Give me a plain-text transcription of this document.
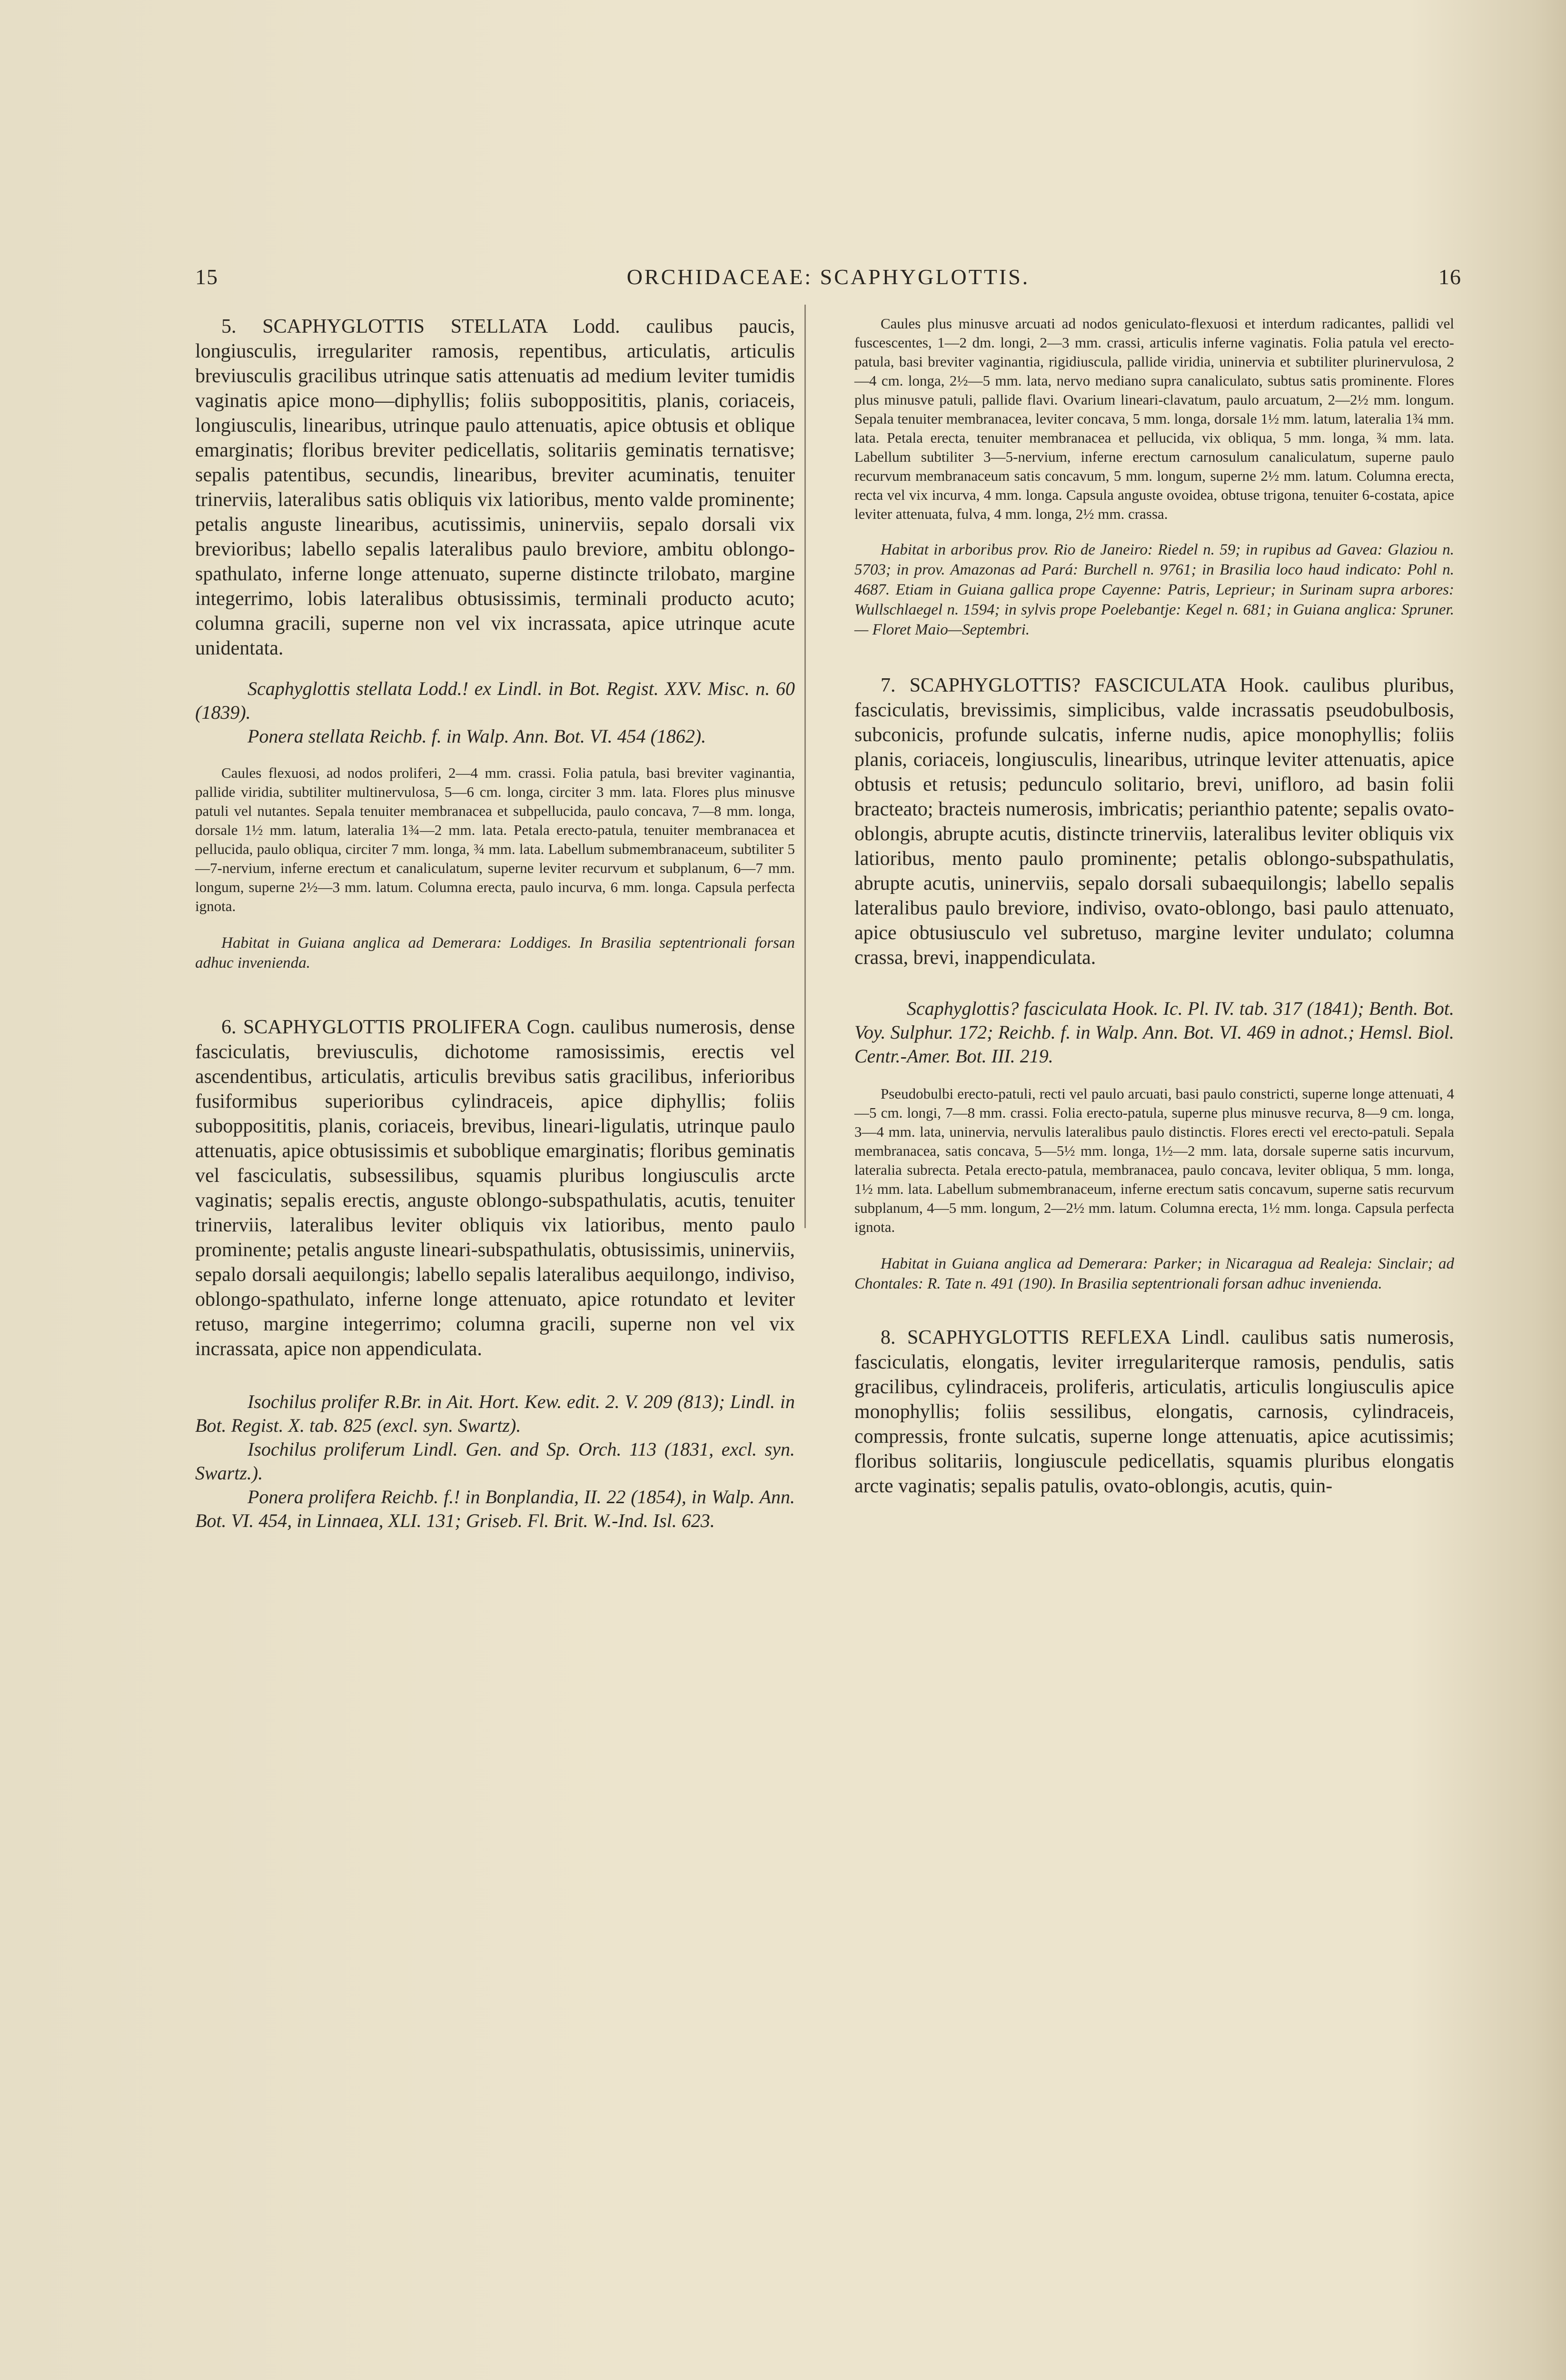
15	ORCHIDACEAE: SCAPHYGLOTTIS.	16

5. SCAPHYGLOTTIS STELLATA Lodd. caulibus paucis, longiusculis, irregulariter ramosis, repentibus, articulatis, articulis breviusculis gracilibus utrinque satis attenuatis ad medium leviter tumidis vaginatis apice mono—diphyllis; foliis subopposititis, planis, coriaceis, longiusculis, linearibus, utrinque paulo attenuatis, apice obtusis et oblique emarginatis; floribus breviter pedicellatis, solitariis geminatis ternatisve; sepalis patentibus, secundis, linearibus, breviter acuminatis, tenuiter trinerviis, lateralibus satis obliquis vix latioribus, mento valde prominente; petalis anguste linearibus, acutissimis, uninerviis, sepalo dorsali vix brevioribus; labello sepalis lateralibus paulo breviore, ambitu oblongo-spathulato, inferne longe attenuato, superne distincte trilobato, margine integerrimo, lobis lateralibus obtusissimis, terminali producto acuto; columna gracili, superne non vel vix incrassata, apice utrinque acute unidentata.

Scaphyglottis stellata Lodd.! ex Lindl. in Bot. Regist. XXV. Misc. n. 60 (1839).

Ponera stellata Reichb. f. in Walp. Ann. Bot. VI. 454 (1862).

Caules flexuosi, ad nodos proliferi, 2—4 mm. crassi. Folia patula, basi breviter vaginantia, pallide viridia, subtiliter multinervulosa, 5—6 cm. longa, circiter 3 mm. lata. Flores plus minusve patuli vel nutantes. Sepala tenuiter membranacea et subpellucida, paulo concava, 7—8 mm. longa, dorsale 1½ mm. latum, lateralia 1¾—2 mm. lata. Petala erecto-patula, tenuiter membranacea et pellucida, paulo obliqua, circiter 7 mm. longa, ¾ mm. lata. Labellum submembranaceum, subtiliter 5—7-nervium, inferne erectum et canaliculatum, superne leviter recurvum et subplanum, 6—7 mm. longum, superne 2½—3 mm. latum. Columna erecta, paulo incurva, 6 mm. longa. Capsula perfecta ignota.

Habitat in Guiana anglica ad Demerara: Loddiges. In Brasilia septentrionali forsan adhuc invenienda.

6. SCAPHYGLOTTIS PROLIFERA Cogn. caulibus numerosis, dense fasciculatis, breviusculis, dichotome ramosissimis, erectis vel ascendentibus, articulatis, articulis brevibus satis gracilibus, inferioribus fusiformibus superioribus cylindraceis, apice diphyllis; foliis subopposititis, planis, coriaceis, brevibus, lineari-ligulatis, utrinque paulo attenuatis, apice obtusissimis et suboblique emarginatis; floribus geminatis vel fasciculatis, subsessilibus, squamis pluribus longiusculis arcte vaginatis; sepalis erectis, anguste oblongo-subspathulatis, acutis, tenuiter trinerviis, lateralibus leviter obliquis vix latioribus, mento paulo prominente; petalis anguste lineari-subspathulatis, obtusissimis, uninerviis, sepalo dorsali aequilongis; labello sepalis lateralibus aequilongo, indiviso, oblongo-spathulato, inferne longe attenuato, apice rotundato et leviter retuso, margine integerrimo; columna gracili, superne non vel vix incrassata, apice non appendiculata.

Isochilus prolifer R.Br. in Ait. Hort. Kew. edit. 2. V. 209 (813); Lindl. in Bot. Regist. X. tab. 825 (excl. syn. Swartz).

Isochilus proliferum Lindl. Gen. and Sp. Orch. 113 (1831, excl. syn. Swartz.).

Ponera prolifera Reichb. f.! in Bonplandia, II. 22 (1854), in Walp. Ann. Bot. VI. 454, in Linnaea, XLI. 131; Griseb. Fl. Brit. W.-Ind. Isl. 623.

Caules plus minusve arcuati ad nodos geniculato-flexuosi et interdum radicantes, pallidi vel fuscescentes, 1—2 dm. longi, 2—3 mm. crassi, articulis inferne vaginatis. Folia patula vel erecto-patula, basi breviter vaginantia, rigidiuscula, pallide viridia, uninervia et subtiliter plurinervulosa, 2—4 cm. longa, 2½—5 mm. lata, nervo mediano supra canaliculato, subtus satis prominente. Flores plus minusve patuli, pallide flavi. Ovarium lineari-clavatum, paulo arcuatum, 2—2½ mm. longum. Sepala tenuiter membranacea, leviter concava, 5 mm. longa, dorsale 1½ mm. latum, lateralia 1¾ mm. lata. Petala erecta, tenuiter membranacea et pellucida, vix obliqua, 5 mm. longa, ¾ mm. lata. Labellum subtiliter 3—5-nervium, inferne erectum carnosulum canaliculatum, superne paulo recurvum membranaceum satis concavum, 5 mm. longum, superne 2½ mm. latum. Columna erecta, recta vel vix incurva, 4 mm. longa. Capsula anguste ovoidea, obtuse trigona, tenuiter 6-costata, apice leviter attenuata, fulva, 4 mm. longa, 2½ mm. crassa.

Habitat in arboribus prov. Rio de Janeiro: Riedel n. 59; in rupibus ad Gavea: Glaziou n. 5703; in prov. Amazonas ad Pará: Burchell n. 9761; in Brasilia loco haud indicato: Pohl n. 4687. Etiam in Guiana gallica prope Cayenne: Patris, Leprieur; in Surinam supra arbores: Wullschlaegel n. 1594; in sylvis prope Poelebantje: Kegel n. 681; in Guiana anglica: Spruner. — Floret Maio—Septembri.

7. SCAPHYGLOTTIS? FASCICULATA Hook. caulibus pluribus, fasciculatis, brevissimis, simplicibus, valde incrassatis pseudobulbosis, subconicis, profunde sulcatis, inferne nudis, apice monophyllis; foliis planis, coriaceis, longiusculis, linearibus, utrinque leviter attenuatis, apice obtusis et retusis; pedunculo solitario, brevi, unifloro, ad basin folii bracteato; bracteis numerosis, imbricatis; perianthio patente; sepalis ovato-oblongis, abrupte acutis, distincte trinerviis, lateralibus leviter obliquis vix latioribus, mento paulo prominente; petalis oblongo-subspathulatis, abrupte acutis, uninerviis, sepalo dorsali subaequilongis; labello sepalis lateralibus paulo breviore, indiviso, ovato-oblongo, basi paulo attenuato, apice obtusiusculo vel subretuso, margine leviter undulato; columna crassa, brevi, inappendiculata.

Scaphyglottis? fasciculata Hook. Ic. Pl. IV. tab. 317 (1841); Benth. Bot. Voy. Sulphur. 172; Reichb. f. in Walp. Ann. Bot. VI. 469 in adnot.; Hemsl. Biol. Centr.-Amer. Bot. III. 219.

Pseudobulbi erecto-patuli, recti vel paulo arcuati, basi paulo constricti, superne longe attenuati, 4—5 cm. longi, 7—8 mm. crassi. Folia erecto-patula, superne plus minusve recurva, 8—9 cm. longa, 3—4 mm. lata, uninervia, nervulis lateralibus paulo distinctis. Flores erecti vel erecto-patuli. Sepala membranacea, satis concava, 5—5½ mm. longa, 1½—2 mm. lata, dorsale superne satis incurvum, lateralia subrecta. Petala erecto-patula, membranacea, paulo concava, leviter obliqua, 5 mm. longa, 1½ mm. lata. Labellum submembranaceum, inferne erectum satis concavum, superne satis recurvum subplanum, 4—5 mm. longum, 2—2½ mm. latum. Columna erecta, 1½ mm. longa. Capsula perfecta ignota.

Habitat in Guiana anglica ad Demerara: Parker; in Nicaragua ad Realeja: Sinclair; ad Chontales: R. Tate n. 491 (190). In Brasilia septentrionali forsan adhuc invenienda.

8. SCAPHYGLOTTIS REFLEXA Lindl. caulibus satis numerosis, fasciculatis, elongatis, leviter irregulariterque ramosis, pendulis, satis gracilibus, cylindraceis, proliferis, articulatis, articulis longiusculis apice monophyllis; foliis sessilibus, elongatis, carnosis, cylindraceis, compressis, fronte sulcatis, superne longe attenuatis, apice acutissimis; floribus solitariis, longiuscule pedicellatis, squamis pluribus elongatis arcte vaginatis; sepalis patulis, ovato-oblongis, acutis, quin-
